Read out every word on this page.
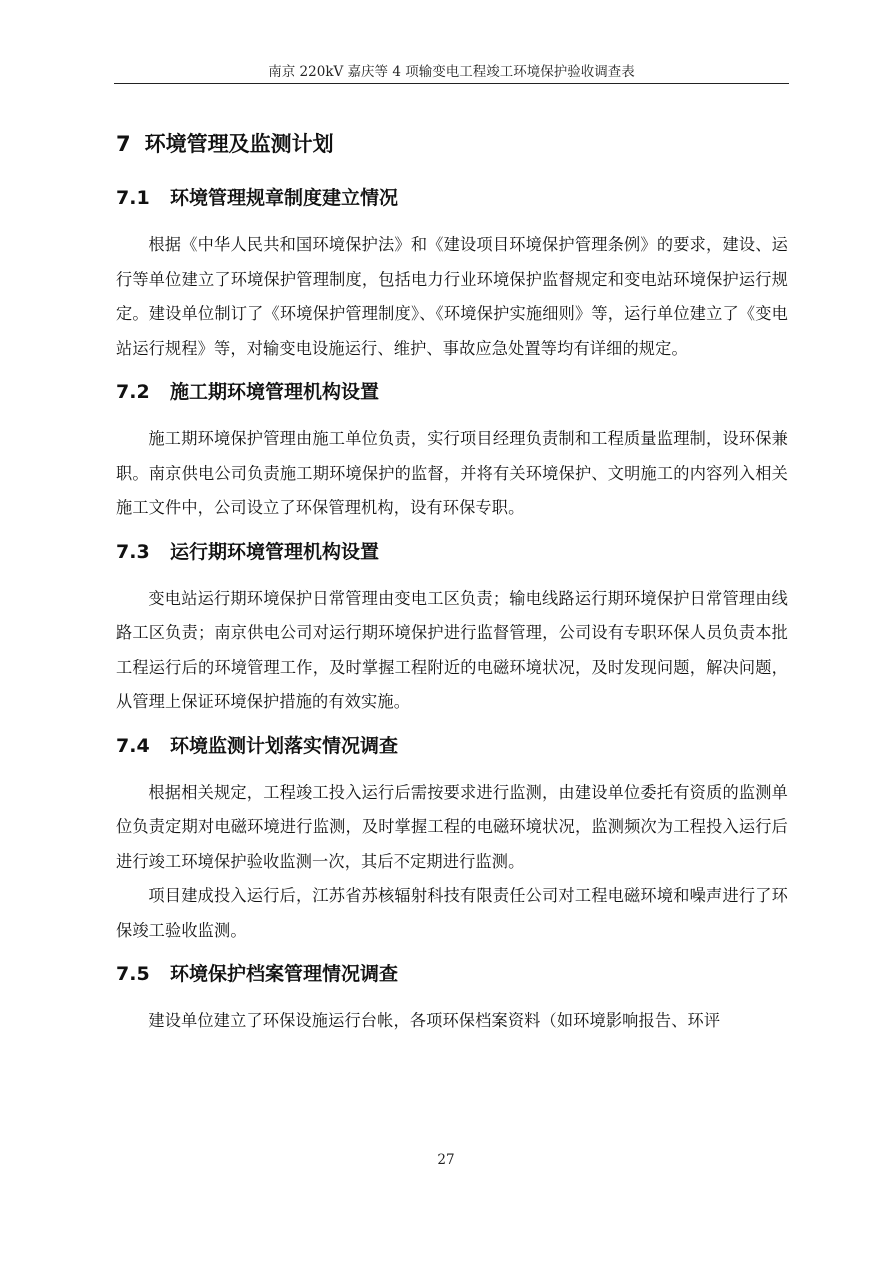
南京 220kV 嘉庆等 4 项输变电工程竣工环境保护验收调查表
7 环境管理及监测计划
7.1 环境管理规章制度建立情况

根据《中华人民共和国环境保护法》和《建设项目环境保护管理条例》的要求，建设、运行等单位建立了环境保护管理制度，包括电力行业环境保护监督规定和变电站环境保护运行规定。建设单位制订了《环境保护管理制度》、《环境保护实施细则》等，运行单位建立了《变电站运行规程》等，对输变电设施运行、维护、事故应急处置等均有详细的规定。

7.2 施工期环境管理机构设置

施工期环境保护管理由施工单位负责，实行项目经理负责制和工程质量监理制，设环保兼职。南京供电公司负责施工期环境保护的监督，并将有关环境保护、文明施工的内容列入相关施工文件中，公司设立了环保管理机构，设有环保专职。

7.3 运行期环境管理机构设置

变电站运行期环境保护日常管理由变电工区负责；输电线路运行期环境保护日常管理由线路工区负责；南京供电公司对运行期环境保护进行监督管理，公司设有专职环保人员负责本批工程运行后的环境管理工作，及时掌握工程附近的电磁环境状况，及时发现问题，解决问题，从管理上保证环境保护措施的有效实施。

7.4 环境监测计划落实情况调查

根据相关规定，工程竣工投入运行后需按要求进行监测，由建设单位委托有资质的监测单位负责定期对电磁环境进行监测，及时掌握工程的电磁环境状况，监测频次为工程投入运行后进行竣工环境保护验收监测一次，其后不定期进行监测。

项目建成投入运行后，江苏省苏核辐射科技有限责任公司对工程电磁环境和噪声进行了环保竣工验收监测。

7.5 环境保护档案管理情况调查

建设单位建立了环保设施运行台帐，各项环保档案资料（如环境影响报告、环评

27
